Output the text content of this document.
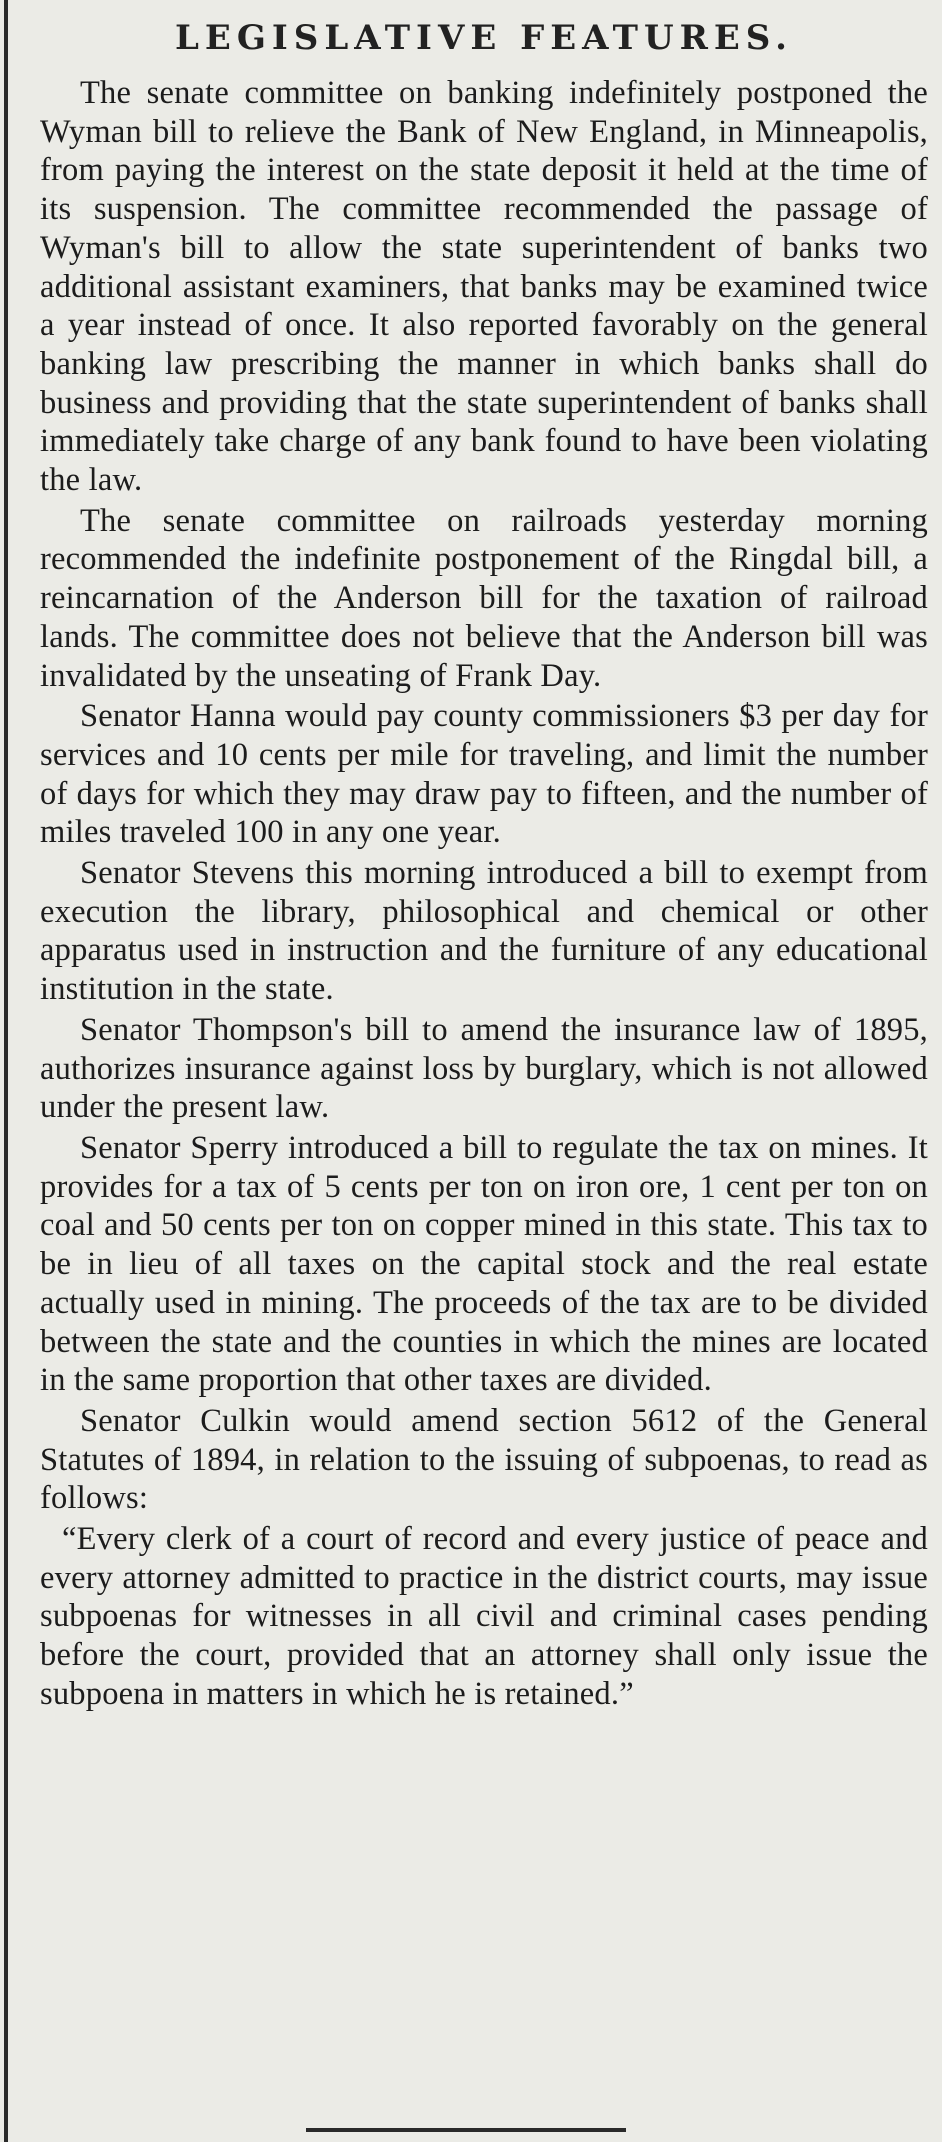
LEGISLATIVE FEATURES.

The senate committee on banking indefinitely postponed the Wyman bill to relieve the Bank of New England, in Minneapolis, from paying the interest on the state deposit it held at the time of its suspension. The committee recommended the passage of Wyman's bill to allow the state superintendent of banks two additional assistant examiners, that banks may be examined twice a year instead of once. It also reported favorably on the general banking law prescribing the manner in which banks shall do business and providing that the state superintendent of banks shall immediately take charge of any bank found to have been violating the law.

The senate committee on railroads yesterday morning recommended the indefinite postponement of the Ringdal bill, a reincarnation of the Anderson bill for the taxation of railroad lands. The committee does not believe that the Anderson bill was invalidated by the unseating of Frank Day.

Senator Hanna would pay county commissioners $3 per day for services and 10 cents per mile for traveling, and limit the number of days for which they may draw pay to fifteen, and the number of miles traveled 100 in any one year.

Senator Stevens this morning introduced a bill to exempt from execution the library, philosophical and chemical or other apparatus used in instruction and the furniture of any educational institution in the state.

Senator Thompson's bill to amend the insurance law of 1895, authorizes insurance against loss by burglary, which is not allowed under the present law.

Senator Sperry introduced a bill to regulate the tax on mines. It provides for a tax of 5 cents per ton on iron ore, 1 cent per ton on coal and 50 cents per ton on copper mined in this state. This tax to be in lieu of all taxes on the capital stock and the real estate actually used in mining. The proceeds of the tax are to be divided between the state and the counties in which the mines are located in the same proportion that other taxes are divided.

Senator Culkin would amend section 5612 of the General Statutes of 1894, in relation to the issuing of subpoenas, to read as follows:

“Every clerk of a court of record and every justice of peace and every attorney admitted to practice in the district courts, may issue subpoenas for witnesses in all civil and criminal cases pending before the court, provided that an attorney shall only issue the subpoena in matters in which he is retained.”
